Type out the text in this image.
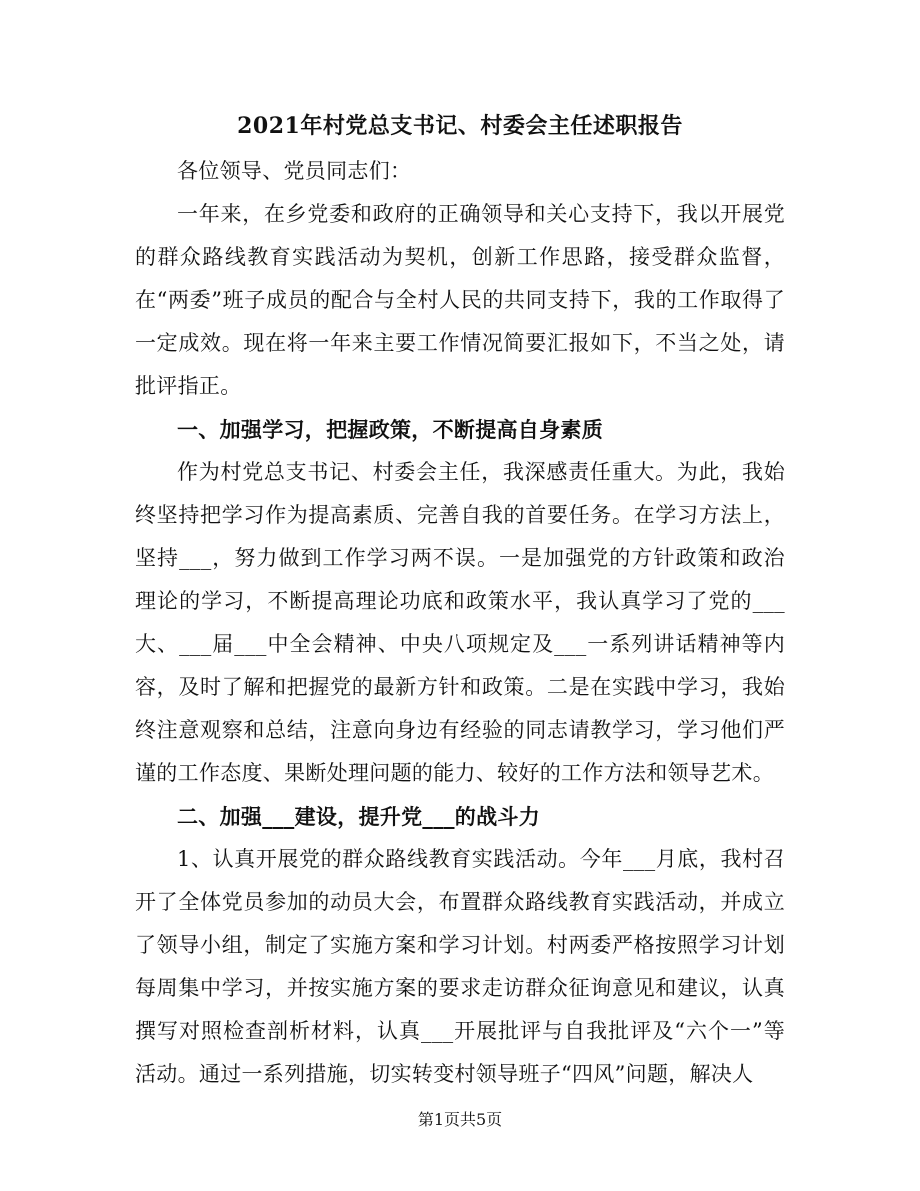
2021年村党总支书记、村委会主任述职报告

各位领导、党员同志们：

一年来，在乡党委和政府的正确领导和关心支持下，我以开展党的群众路线教育实践活动为契机，创新工作思路，接受群众监督，在“两委”班子成员的配合与全村人民的共同支持下，我的工作取得了一定成效。现在将一年来主要工作情况简要汇报如下，不当之处，请批评指正。

一、加强学习，把握政策，不断提高自身素质

作为村党总支书记、村委会主任，我深感责任重大。为此，我始终坚持把学习作为提高素质、完善自我的首要任务。在学习方法上，坚持___，努力做到工作学习两不误。一是加强党的方针政策和政治理论的学习，不断提高理论功底和政策水平，我认真学习了党的___大、___届___中全会精神、中央八项规定及___一系列讲话精神等内容，及时了解和把握党的最新方针和政策。二是在实践中学习，我始终注意观察和总结，注意向身边有经验的同志请教学习，学习他们严谨的工作态度、果断处理问题的能力、较好的工作方法和领导艺术。

二、加强___建设，提升党___的战斗力

1、认真开展党的群众路线教育实践活动。今年___月底，我村召开了全体党员参加的动员大会，布置群众路线教育实践活动，并成立了领导小组，制定了实施方案和学习计划。村两委严格按照学习计划每周集中学习，并按实施方案的要求走访群众征询意见和建议，认真撰写对照检查剖析材料，认真___开展批评与自我批评及“六个一”等活动。通过一系列措施，切实转变村领导班子“四风”问题，解决人

第1页共5页
